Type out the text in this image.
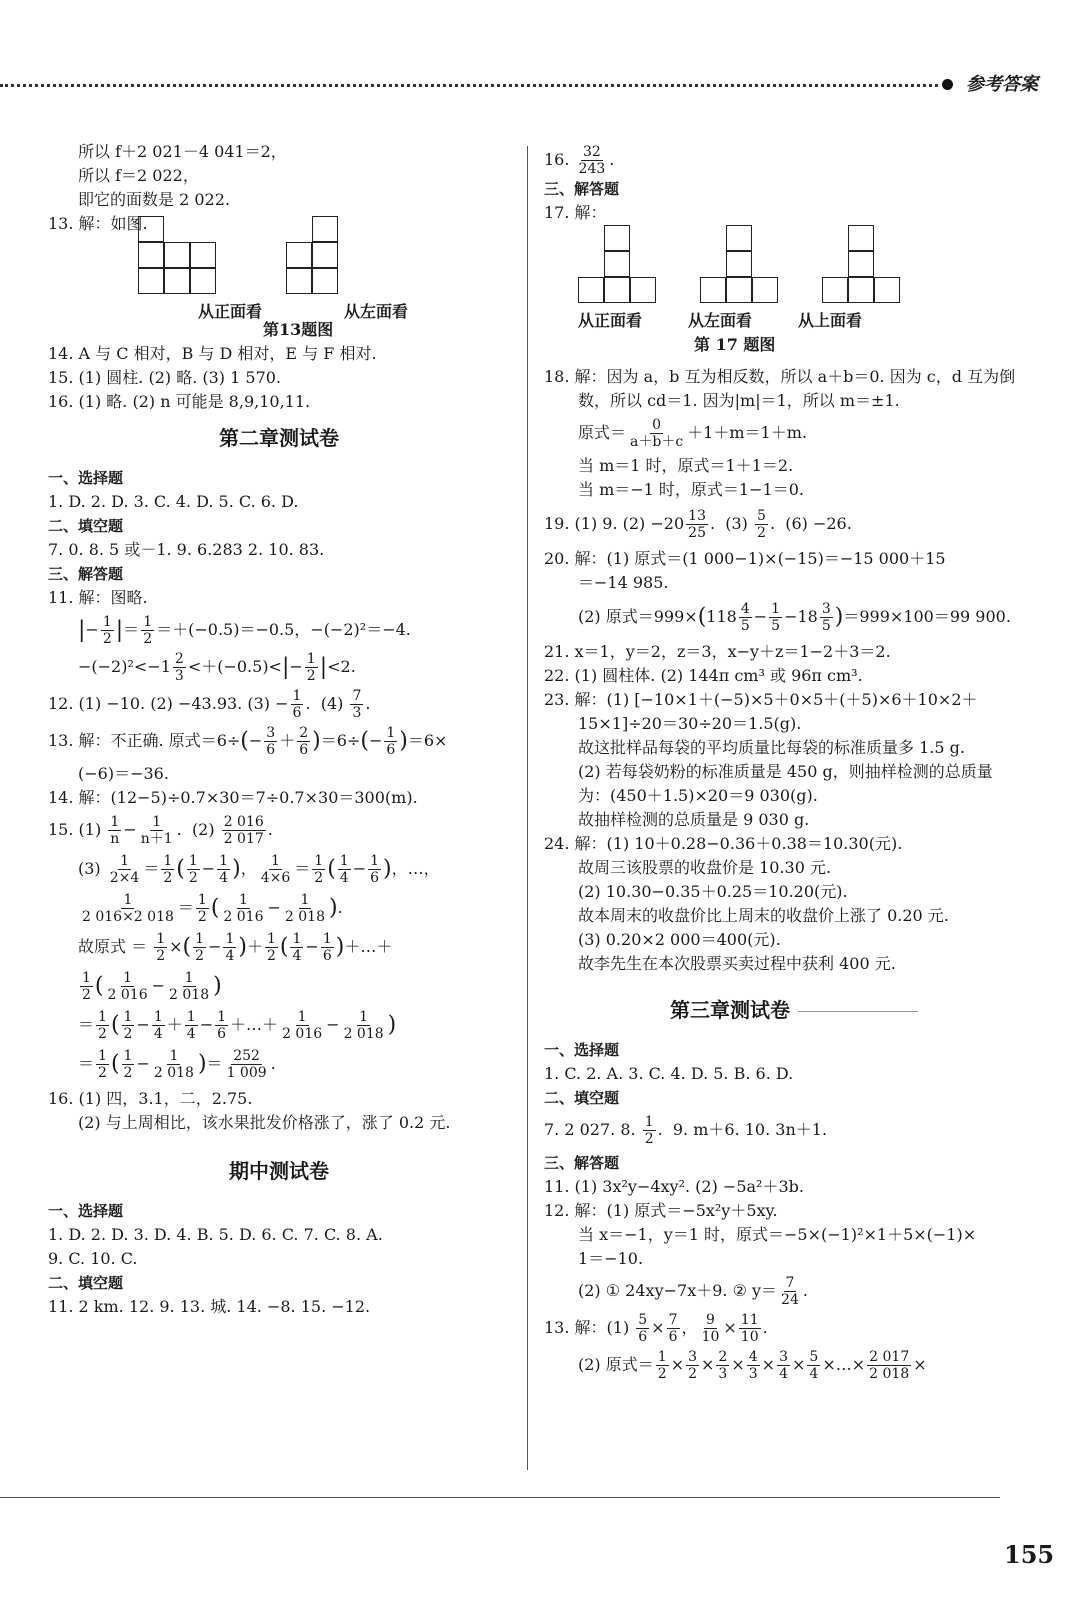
参考答案
所以 f＋2 021－4 041＝2，
所以 f＝2 022，
即它的面数是 2 022.
13. 解：如图.
从正面看	从左面看
第13题图
14. A 与 C 相对，B 与 D 相对，E 与 F 相对.
15. (1) 圆柱. (2) 略. (3) 1 570.
16. (1) 略. (2) n 可能是 8,9,10,11.
第二章测试卷
一、选择题
1. D. 2. D. 3. C. 4. D. 5. C. 6. D.
二、填空题
7. 0. 8. 5 或－1. 9. 6.283 2. 10. 83.
三、解答题
11. 解：图略.
|− $\frac{1}{2}$ |＝ $\frac{1}{2} =+(-0.5)=-0.5$，−(−2)²＝−4.
$-(-2)^2<-1 \frac{2}{3} <+(-0.5)<|- \frac{1}{2} |<2$.
12. (1) −10. (2) −43.93. $(3) - \frac{1}{6}$ .  $(4) \frac{7}{3}$ .
13. 解：不正确. 原式$=6\div(- \frac{3}{6} + \frac{2}{6} )=6\div(- \frac{1}{6} )=6\times$
(−6)＝−36.
14. 解：(12−5)÷0.7×30＝7÷0.7×30＝300(m).
15. $(1) \frac{1}{n} - \frac{1}{n+1}$ .  $(2) \frac{2 016}{2 017}$ .
$(3) \frac{1}{2\times 4} = \frac{1}{2}$ ( $\frac{1}{2} - \frac{1}{4}$ )， $\frac{1}{4\times 6} = \frac{1}{2}$ ( $\frac{1}{4} - \frac{1}{6}$ )，…，
$\frac{1}{2 016\times 2 018} = \frac{1}{2}$ ( $\frac{1}{2 016} - \frac{1}{2 018}$ ).
故原式 ＝ $\frac{1}{2}$ ×( $\frac{1}{2} - \frac{1}{4}$ )＋ $\frac{1}{2}$ ( $\frac{1}{4} - \frac{1}{6}$ )＋…＋
$\frac{1}{2}$ ( $\frac{1}{2 016} - \frac{1}{2 018}$ )
＝ $\frac{1}{2}$ ( $\frac{1}{2} - \frac{1}{4} + \frac{1}{4} - \frac{1}{6}$ ＋…＋ $\frac{1}{2 016} - \frac{1}{2 018}$ )
＝ $\frac{1}{2}$ ( $\frac{1}{2} - \frac{1}{2 018}$ )＝ $\frac{252}{1 009}$ .
16. (1) 四，3.1，二，2.75.
(2) 与上周相比，该水果批发价格涨了，涨了 0.2 元.
期中测试卷
一、选择题
1. D. 2. D. 3. D. 4. B. 5. D. 6. C. 7. C. 8. A.
9. C. 10. C.
二、填空题
11. 2 km. 12. 9. 13. 城. 14. −8. 15. −12.
16. $\frac{32}{243}$ .
三、解答题
17. 解：
从正面看	从左面看	从上面看
第 17 题图
18. 解：因为 a，b 互为相反数，所以 a＋b＝0. 因为 c，d 互为倒
数，所以 cd＝1. 因为|m|＝1，所以 m＝±1.
原式＝ $\frac{0}{a+b+c} +1+m=1+m$.
当 m＝1 时，原式＝1＋1＝2.
当 m＝−1 时，原式＝1−1＝0.
19. (1) 9. $(2) -20 \frac{13}{25}$ .  $(3) \frac{5}{2}$ .  (6) −26.
20. 解：(1) 原式＝(1 000−1)×(−15)＝−15 000＋15
＝−14 985.
(2) 原式$=999\times(118 \frac{4}{5} - \frac{1}{5} -18 \frac{3}{5} )=999\times 100=99$ 900.
21. x＝1，y＝2，z＝3，x−y＋z＝1−2＋3＝2.
22. (1) 圆柱体. (2) 144π cm³ 或 96π cm³.
23. 解：(1) [−10×1＋(−5)×5＋0×5＋(＋5)×6＋10×2＋
15×1]÷20＝30÷20＝1.5(g).
故这批样品每袋的平均质量比每袋的标准质量多 1.5 g.
(2) 若每袋奶粉的标准质量是 450 g，则抽样检测的总质量
为：(450＋1.5)×20＝9 030(g).
故抽样检测的总质量是 9 030 g.
24. 解：(1) 10＋0.28−0.36＋0.38＝10.30(元).
故周三该股票的收盘价是 10.30 元.
(2) 10.30−0.35＋0.25＝10.20(元).
故本周末的收盘价比上周末的收盘价上涨了 0.20 元.
(3) 0.20×2 000＝400(元).
故李先生在本次股票买卖过程中获利 400 元.
第三章测试卷
一、选择题
1. C. 2. A. 3. C. 4. D. 5. B. 6. D.
二、填空题
7. 2 027. 8. $\frac{1}{2}$ .  9. m＋6. 10. 3n＋1.
三、解答题
11. (1) 3x²y−4xy². (2) −5a²＋3b.
12. 解：(1) 原式＝−5x²y＋5xy.
当 x＝−1，y＝1 时，原式＝−5×(−1)²×1＋5×(−1)×
1＝−10.
(2) ① 24xy−7x＋9. ② $y= \frac{7}{24}$ .
13. 解：$(1) \frac{5}{6} \times \frac{7}{6}$ ， $\frac{9}{10} \times \frac{11}{10}$ .
(2) 原式＝ $\frac{1}{2} \times \frac{3}{2} \times \frac{2}{3} \times \frac{4}{3} \times \frac{3}{4} \times \frac{5}{4}$ ×…× $\frac{2 017}{2 018}$ ×
155
